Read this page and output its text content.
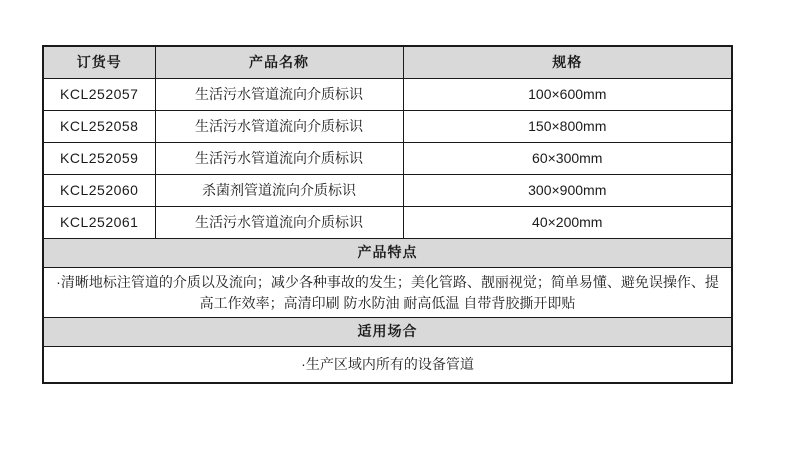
订货号	产品名称	规格
KCL252057	生活污水管道流向介质标识	100×600mm
KCL252058	生活污水管道流向介质标识	150×800mm
KCL252059	生活污水管道流向介质标识	60×300mm
KCL252060	杀菌剂管道流向介质标识	300×900mm
KCL252061	生活污水管道流向介质标识	40×200mm
产品特点		
·清晰地标注管道的介质以及流向；减少各种事故的发生；美化管路、靓丽视觉；简单易懂、避免误操作、提高工作效率；高清印刷 防水防油 耐高低温 自带背胶撕开即贴		
适用场合		
·生产区域内所有的设备管道		
